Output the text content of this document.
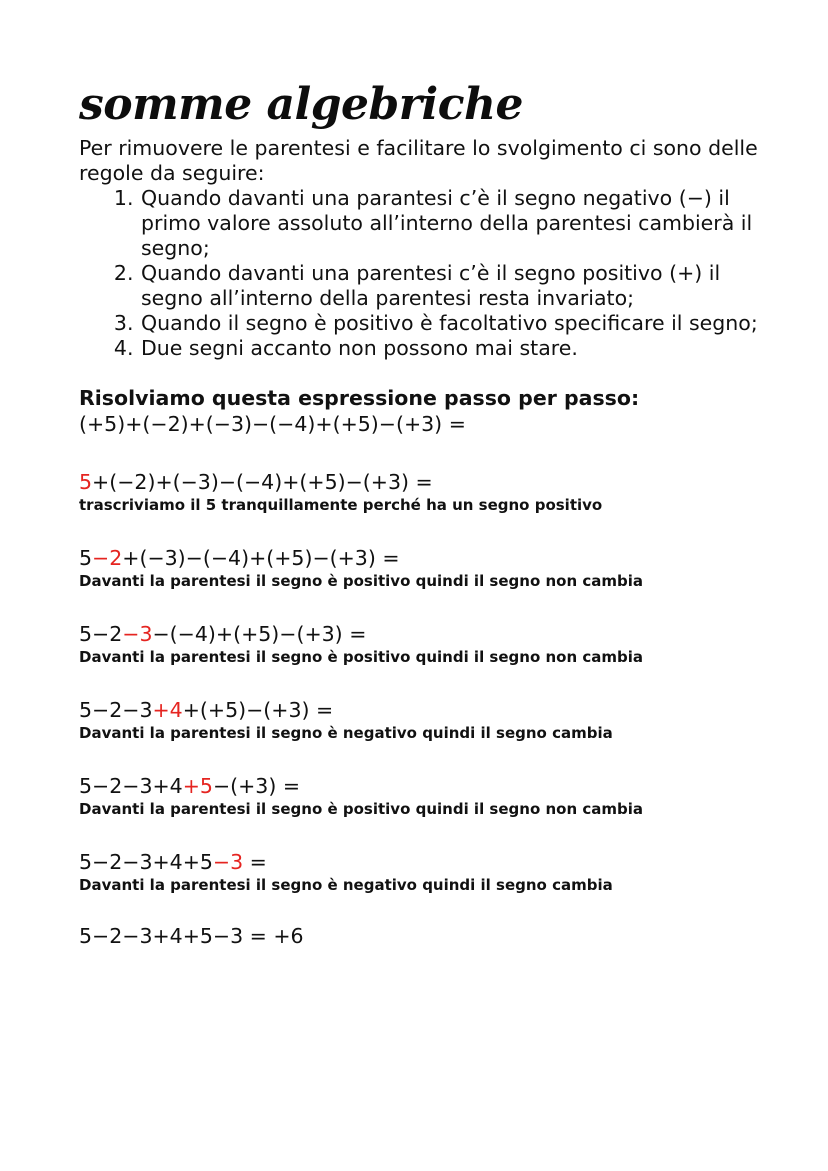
somme algebriche

Per rimuovere le parentesi e facilitare lo svolgimento ci sono delle regole da seguire:

1. Quando davanti una parantesi c’è il segno negativo (−) il primo valore assoluto all’interno della parentesi cambierà il segno;
2. Quando davanti una parentesi c’è il segno positivo (+) il segno all’interno della parentesi resta invariato;
3. Quando il segno è positivo è facoltativo specificare il segno;
4. Due segni accanto non possono mai stare.
Risolviamo questa espressione passo per passo:
(+5)+(−2)+(−3)−(−4)+(+5)−(+3) =
5+(−2)+(−3)−(−4)+(+5)−(+3) =
trascriviamo il 5 tranquillamente perché ha un segno positivo
5−2+(−3)−(−4)+(+5)−(+3) =
Davanti la parentesi il segno è positivo quindi il segno non cambia
5−2−3−(−4)+(+5)−(+3) =
Davanti la parentesi il segno è positivo quindi il segno non cambia
5−2−3+4+(+5)−(+3) =
Davanti la parentesi il segno è negativo quindi il segno cambia
5−2−3+4+5−(+3) =
Davanti la parentesi il segno è positivo quindi il segno non cambia
5−2−3+4+5−3 =
Davanti la parentesi il segno è negativo quindi il segno cambia
5−2−3+4+5−3 = +6
